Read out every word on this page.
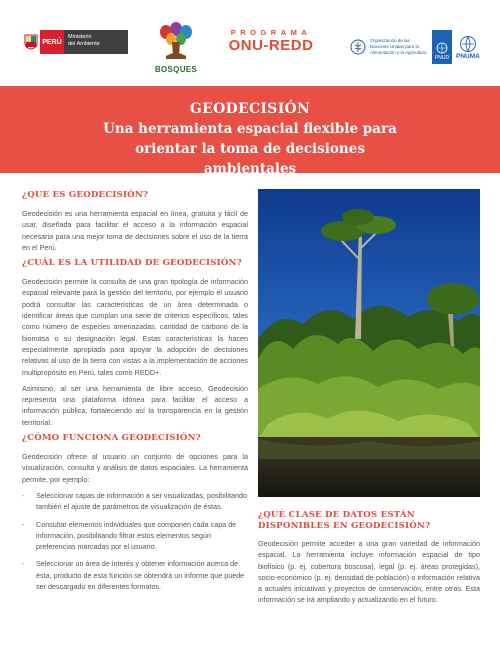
PERÚ
Ministerio
del Ambiente
BOSQUES
PROGRAMA
ONU-REDD	Organización de las Naciones Unidas para la Alimentación y la Agricultura
PNUD PNUMA
GEODECISIÓN
Una herramienta espacial flexible para orientar la toma de decisiones ambientales
¿QUE ES GEODECISIÓN?

Geodecisión es una herramienta espacial en línea, gratuita y fácil de usar, diseñada para facilitar el acceso a la información espacial necesaria para una mejor toma de decisiones sobre el uso de la tierra en el Perú.

¿CUÁL ES LA UTILIDAD DE GEODECISIÓN?

Geodecisión permite la consulta de una gran tipología de información espacial relevante para la gestión del territorio, por ejemplo el usuario podrá consultar las características de un área determinada o identificar áreas que cumplan una serie de criterios específicos, tales como número de especies amenazadas, cantidad de carbono de la biomasa o su designación legal. Estas características la hacen especialmente apropiada para apoyar la adopción de decisiones relativas al uso de la tierra con vistas a la implementación de acciones multipropósito en Perú, tales como REDD+.

Asimismo, al ser una herramienta de libre acceso, Geodecisión representa una plataforma idónea para facilitar el acceso a información pública, fortaleciendo así la transparencia en la gestión territorial.

¿CÓMO FUNCIONA GEODECISIÓN?

Geodecisión ofrece al usuario un conjunto de opciones para la visualización, consulta y análisis de datos espaciales. La herramienta permite, por ejemplo:

- Seleccionar capas de información a ser visualizadas, posibilitando también el ajuste de parámetros de visualización de éstas.
- Consultar elementos individuales que componen cada capa de información, posibilitando filtrar estos elementos según preferencias marcadas por el usuario.
- Seleccionar un área de interés y obtener información acerca de ésta, producto de esta función se obtendrá un informe que puede ser descargado en diferentes formatos.
¿QUÉ CLASE DE DATOS ESTÁN DISPONIBLES EN GEODECISIÓN?

Geodecisión permite acceder a una gran variedad de información espacial. La herramienta incluye información espacial de tipo biofísico (p. ej. cobertura boscosa), legal (p. ej. áreas protegidas), socio-económico (p. ej. densidad de población) o información relativa a actuales iniciativas y proyectos de conservación, entre otras. Esta información se irá ampliando y actualizando en el futuro.
